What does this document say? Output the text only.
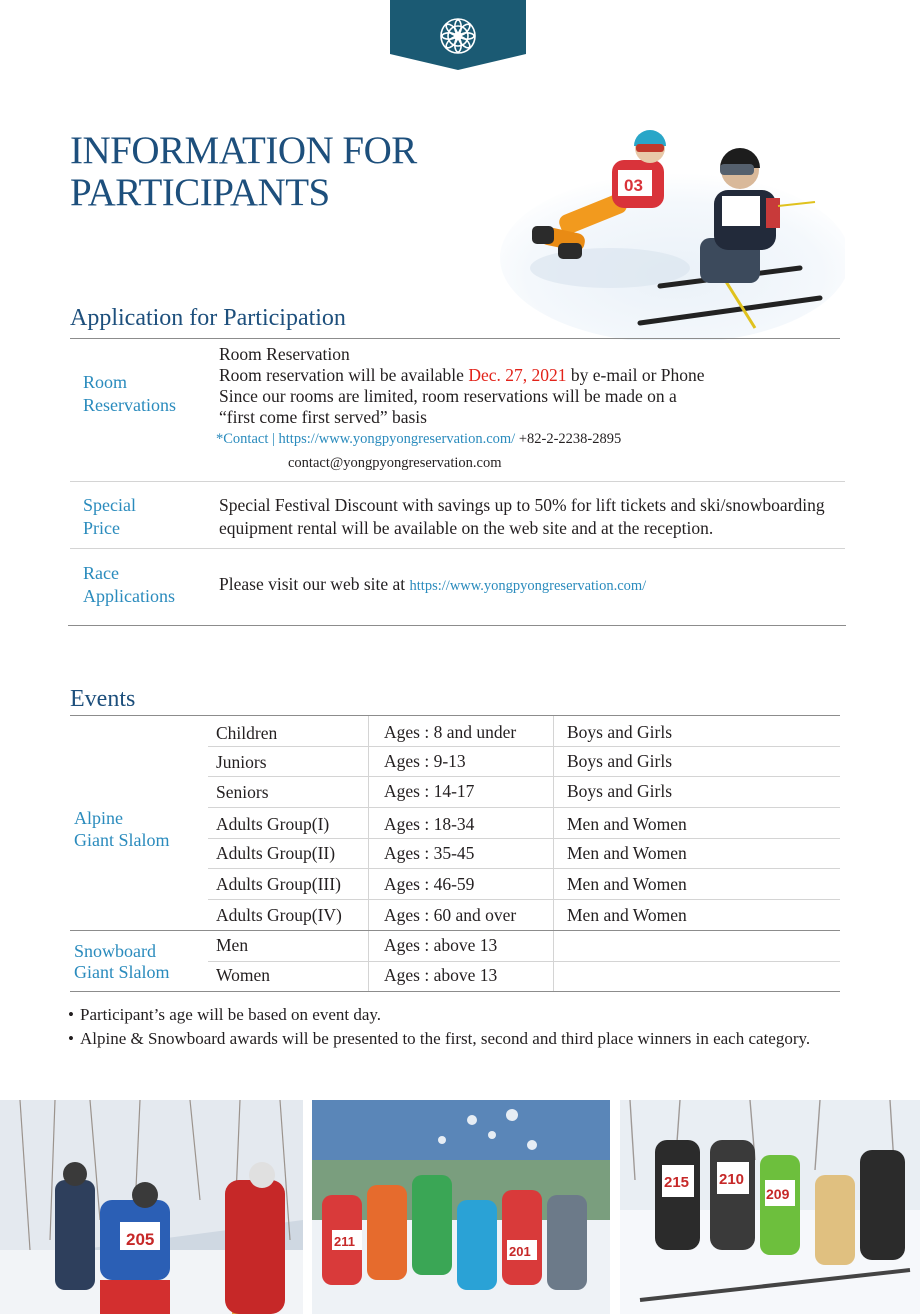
INFORMATION FOR
PARTICIPANTS	03
Application for Participation
Room
Reservations
Room Reservation
Room reservation will be available Dec. 27, 2021 by e-mail or Phone
Since our rooms are limited, room reservations will be made on a
“first come first served” basis
*Contact | https://www.yongpyongreservation.com/ +82-2-2238-2895
contact@yongpyongreservation.com
Special
Price
Special Festival Discount with savings up to 50% for lift tickets and ski/snowboarding
equipment rental will be available on the web site and at the reception.
Race
Applications
Please visit our web site at https://www.yongpyongreservation.com/
Events
Alpine
Giant Slalom
Children	Ages : 8 and under	Boys and Girls
Juniors	Ages : 9-13	Boys and Girls
Seniors	Ages : 14-17	Boys and Girls
Adults Group(I)	Ages : 18-34	Men and Women
Adults Group(II)	Ages : 35-45	Men and Women
Adults Group(III) Ages : 46-59	Men and Women
Adults Group(IV) Ages : 60 and over	Men and Women
Snowboard
Giant Slalom
Men	Ages : above 13
Women	Ages : above 13
• Participant’s age will be based on event day.
• Alpine & Snowboard awards will be presented to the first, second and third place winners in each category.
205
201
211
215 210
209
